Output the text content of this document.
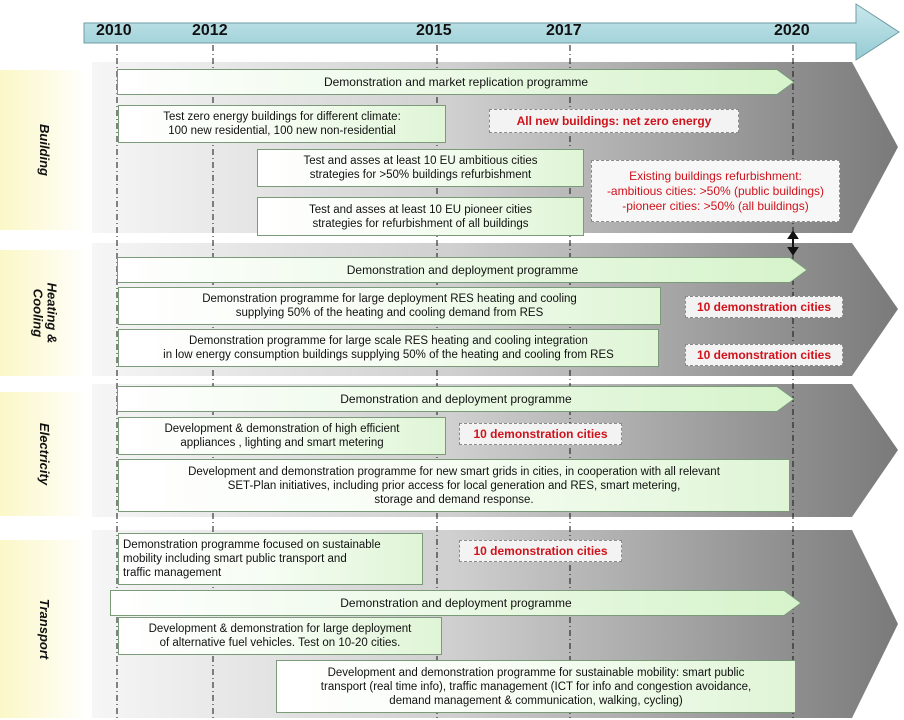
2010	2012	2015	2017	2020
Building
Heating &
Cooling
Electricity
Transport
Demonstration and market replication programme
Test zero energy buildings for different climate:
100 new residential, 100 new non-residential
Test and asses at least 10 EU ambitious cities
strategies for >50% buildings refurbishment
Test and asses at least 10 EU pioneer cities
strategies for refurbishment of all buildings
All new buildings: net zero energy
Existing buildings refurbishment:
-ambitious cities: >50% (public buildings)
-pioneer cities: >50% (all buildings)
Demonstration and deployment programme
Demonstration programme for large deployment RES heating and cooling
supplying 50% of the heating and cooling demand from RES
Demonstration programme for large scale RES heating and cooling integration
in low energy consumption buildings supplying 50% of the heating and cooling from RES
10 demonstration cities
10 demonstration cities
Demonstration and deployment programme
Development & demonstration of high efficient
appliances , lighting and smart metering
Development and demonstration programme for new smart grids in cities, in cooperation with all relevant
SET-Plan initiatives, including prior access for local generation and RES, smart metering,
storage and demand response.
10 demonstration cities
Demonstration programme focused on sustainable
mobility including smart public transport and
traffic management
10 demonstration cities
Demonstration and deployment programme
Development & demonstration for large deployment
of alternative fuel vehicles. Test on 10-20 cities.
Development and demonstration programme for sustainable mobility: smart public
transport (real time info), traffic management (ICT for info and congestion avoidance,
demand management & communication, walking, cycling)
